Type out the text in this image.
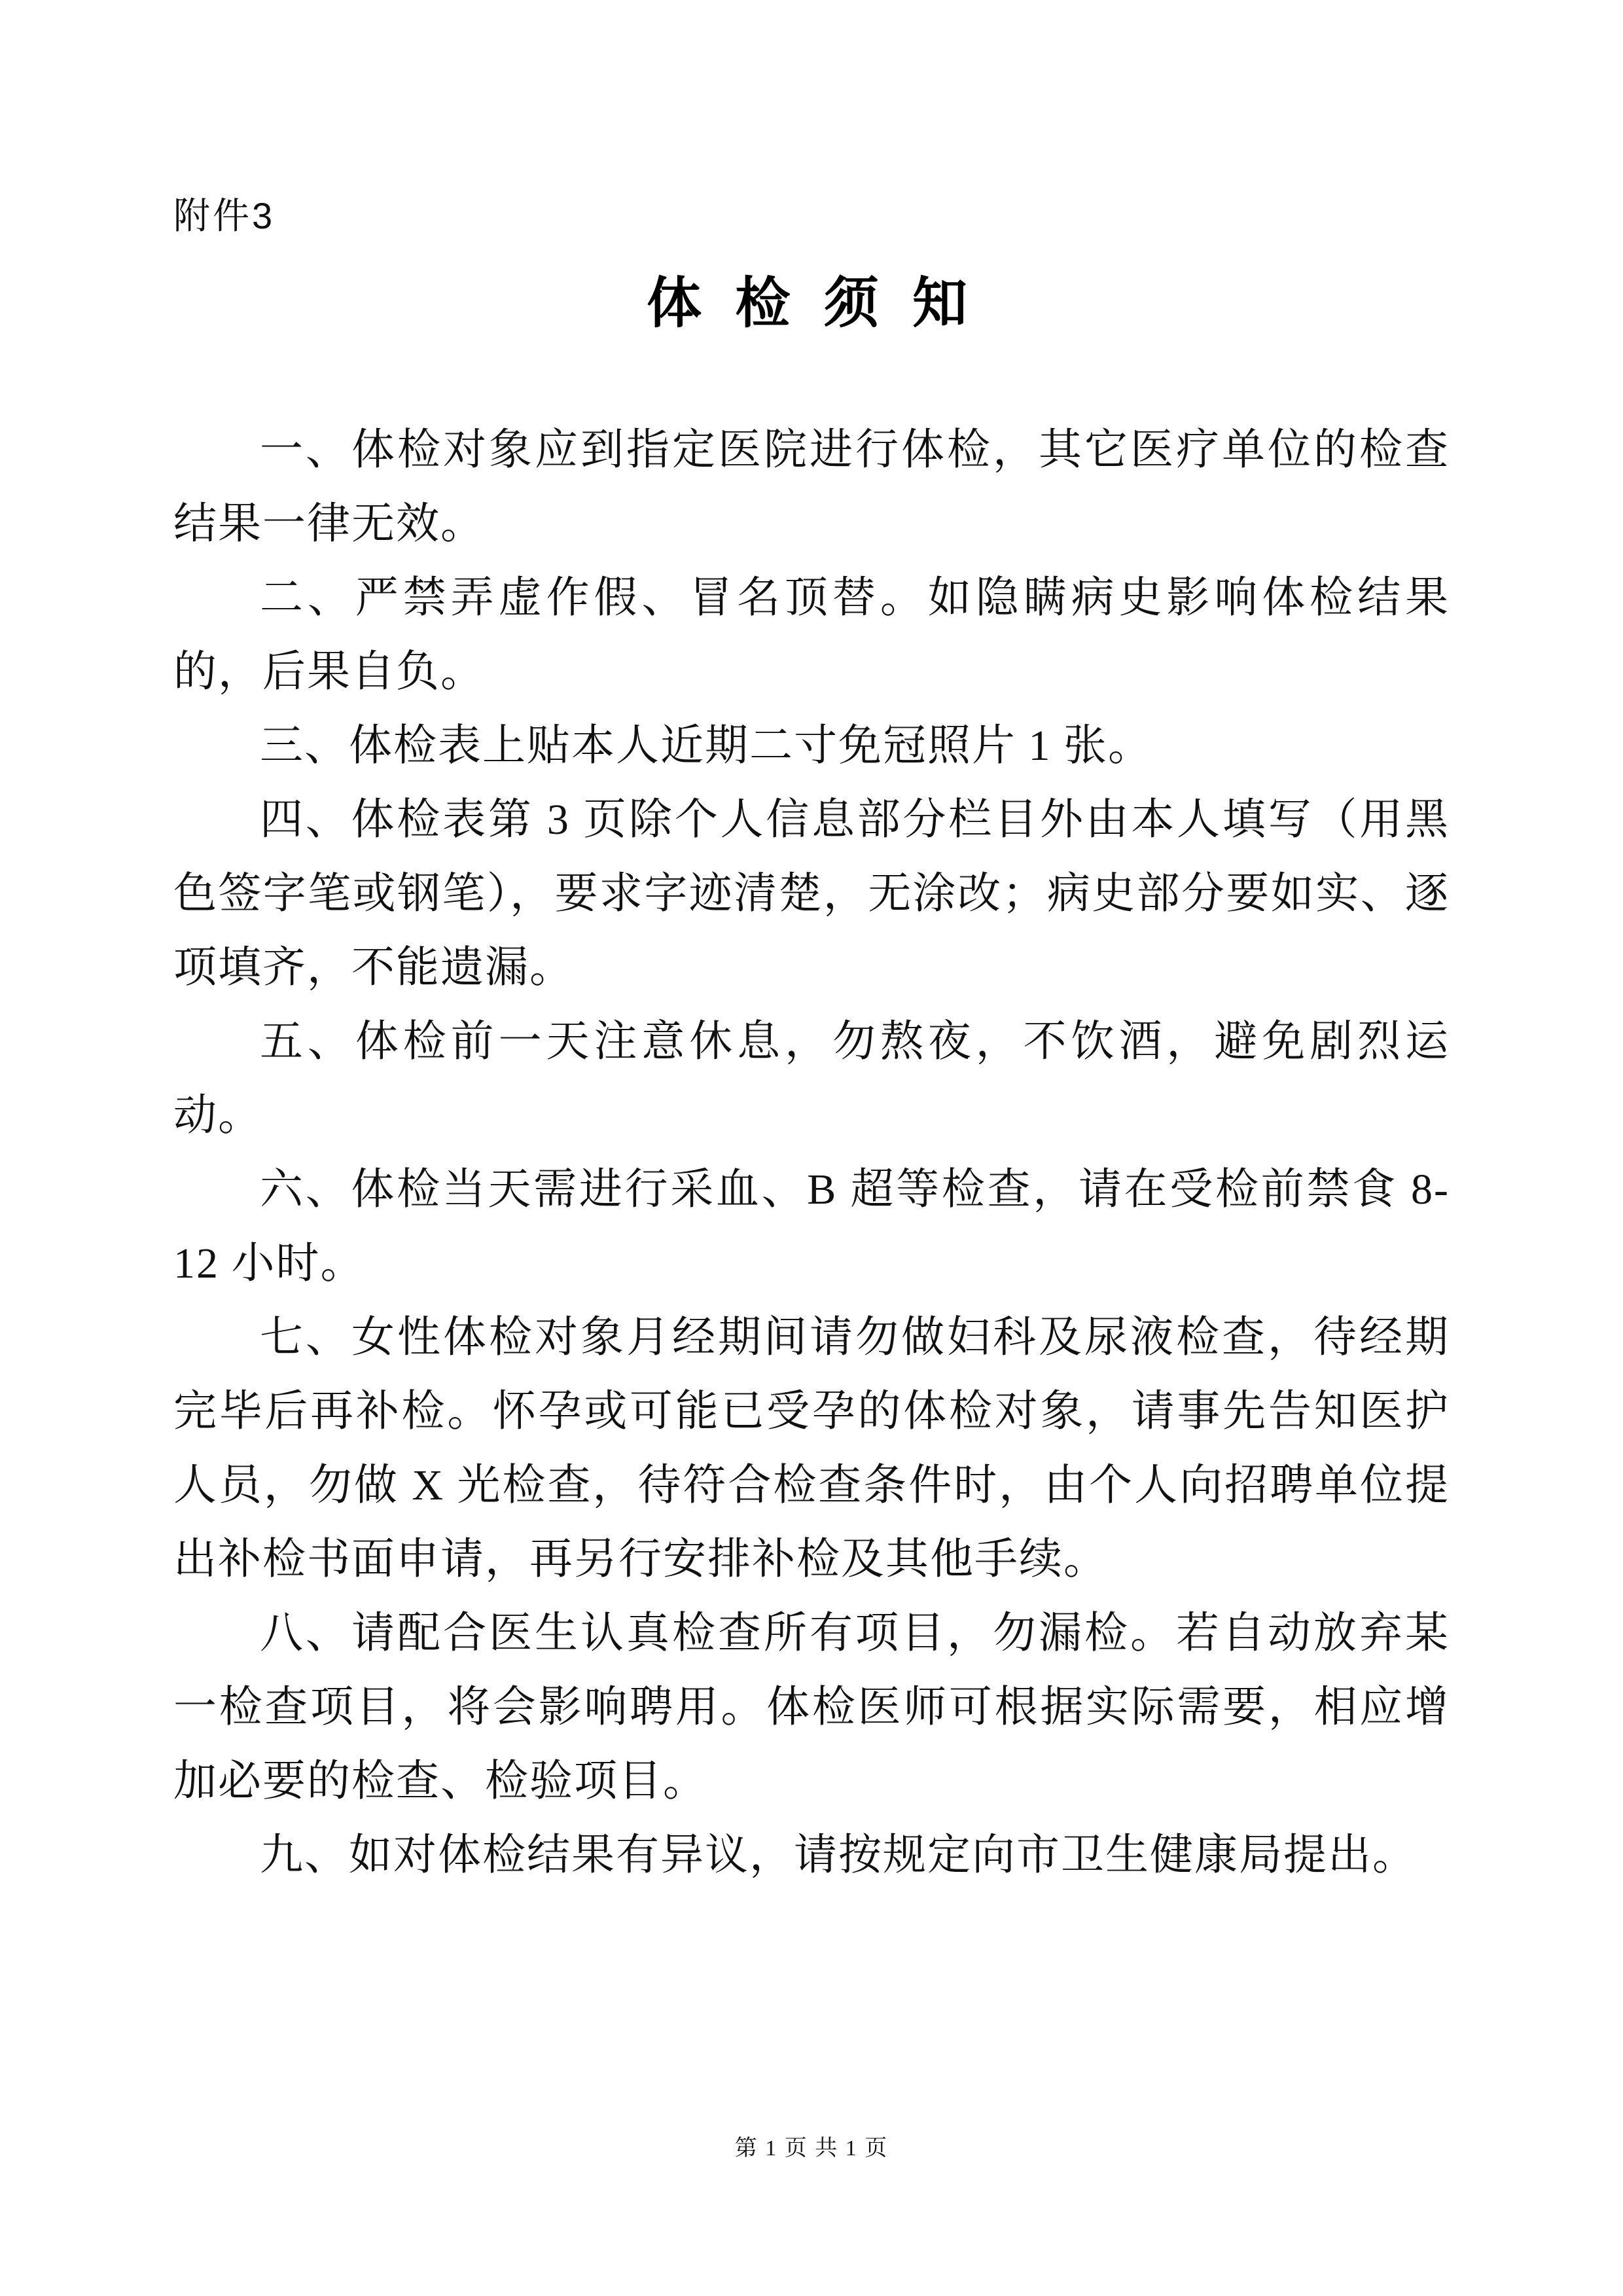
附件3
体 检 须 知

一、体检对象应到指定医院进行体检，其它医疗单位的检查结果一律无效。

二、严禁弄虚作假、冒名顶替。如隐瞒病史影响体检结果的，后果自负。

三、体检表上贴本人近期二寸免冠照片 1 张。

四、体检表第 3 页除个人信息部分栏目外由本人填写（用黑色签字笔或钢笔），要求字迹清楚，无涂改；病史部分要如实、逐项填齐，不能遗漏。

五、体检前一天注意休息，勿熬夜，不饮酒，避免剧烈运动。

六、体检当天需进行采血、B 超等检查，请在受检前禁食 8-12 小时。

七、女性体检对象月经期间请勿做妇科及尿液检查，待经期完毕后再补检。怀孕或可能已受孕的体检对象，请事先告知医护人员，勿做 X 光检查，待符合检查条件时，由个人向招聘单位提出补检书面申请，再另行安排补检及其他手续。

八、请配合医生认真检查所有项目，勿漏检。若自动放弃某一检查项目，将会影响聘用。体检医师可根据实际需要，相应增加必要的检查、检验项目。

九、如对体检结果有异议，请按规定向市卫生健康局提出。

第 1 页 共 1 页
